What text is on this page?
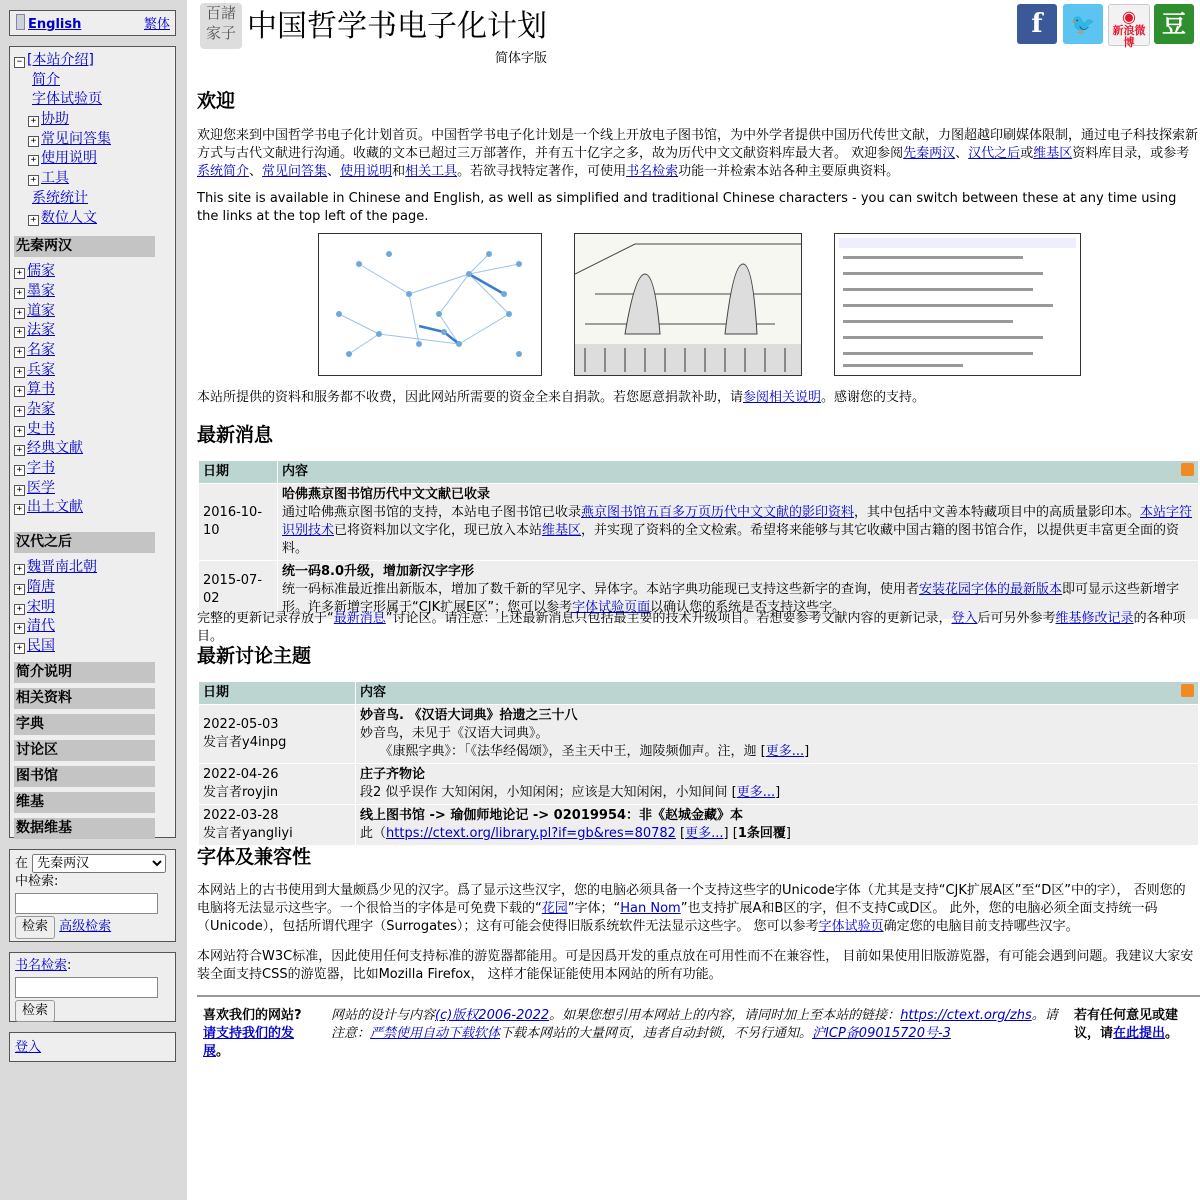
English	繁体
− [本站介绍]
简介
字体试验页
+ 协助
+ 常见问答集
+ 使用说明
+ 工具
系统统计
+ 数位人文
先秦两汉
+ 儒家
+ 墨家
+ 道家
+ 法家
+ 名家
+ 兵家
+ 算书
+ 杂家
+ 史书
+ 经典文献
+ 字书
+ 医学
+ 出土文献
汉代之后
+ 魏晋南北朝
+ 隋唐
+ 宋明
+ 清代
+ 民国
简介说明
相关资料
字典
讨论区
图书馆
维基
数据维基
在
先秦两汉
中检索:

检索 高级检索
书名检索:

检索
登入
百諸
家子 中国哲学书电子化计划
简体字版
f	🐦	◉
新浪微博
豆
欢迎
欢迎您来到中国哲学书电子化计划首页。中国哲学书电子化计划是一个线上开放电子图书馆，为中外学者提供中国历代传世文献，力图超越印刷媒体限制，通过电子科技探索新方式与古代文献进行沟通。收藏的文本已超过三万部著作，并有五十亿字之多，故为历代中文文献资料库最大者。 欢迎参阅先秦两汉、汉代之后或维基区资料库目录，或参考系统简介、常见问答集、使用说明和相关工具。若欲寻找特定著作，可使用书名检索功能一并检索本站各种主要原典资料。
This site is available in Chinese and English, as well as simplified and traditional Chinese characters - you can switch between these at any time using the links at the top left of the page.
本站所提供的资料和服务都不收费，因此网站所需要的资金全来自捐款。若您愿意捐款补助，请参阅相关说明。感谢您的支持。
最新消息
日期	内容

2016-10-10	哈佛燕京图书馆历代中文文献已收录
通过哈佛燕京图书馆的支持，本站电子图书馆已收录燕京图书馆五百多万页历代中文文献的影印资料，其中包括中文善本特藏项目中的高质量影印本。本站字符识别技术已将资料加以文字化，现已放入本站维基区，并实现了资料的全文检索。希望将来能够与其它收藏中国古籍的图书馆合作，以提供更丰富更全面的资料。
2015-07-02	统一码8.0升级，增加新汉字字形
统一码标准最近推出新版本，增加了数千新的罕见字、异体字。本站字典功能现已支持这些新字的查询，使用者安装花园字体的最新版本即可显示这些新增字形。许多新增字形属于“CJK扩展E区”；您可以参考字体试验页面以确认您的系统是否支持这些字。
完整的更新记录存放于“最新消息”讨论区。请注意：上述最新消息只包括最主要的技术升级项目。若想要参考文献内容的更新记录，登入后可另外参考维基修改记录的各种项目。
最新讨论主题
日期	内容

2022-05-03
发言者y4inpg	妙音鸟. 《汉语大词典》拾遗之三十八
妙音鸟，未见于《汉语大词典》。
　　《康熙字典》：「《法华经偈颂》，圣主天中王，迦陵频伽声。注，迦 [更多...]
2022-04-26
发言者royjin	庄子齐物论
段2 似乎误作 大知闲闲，小知闲闲；应该是大知闲闲，小知间间 [更多...]
2022-03-28
发言者yangliyi	线上图书馆 -> 瑜伽师地论记 -> 02019954：非《赵城金藏》本
此（https://ctext.org/library.pl?if=gb&res=80782 [更多...] [1条回覆]
字体及兼容性
本网站上的古书使用到大量颇爲少见的汉字。爲了显示这些汉字，您的电脑必须具备一个支持这些字的Unicode字体（尤其是支持“CJK扩展A区”至“D区”中的字）， 否则您的电脑将无法显示这些字。一个很恰当的字体是可免费下载的“花园”字体；“Han Nom”也支持扩展A和B区的字，但不支持C或D区。 此外，您的电脑必须全面支持统一码（Unicode），包括所谓代理字（Surrogates）；这有可能会使得旧版系统软件无法显示这些字。 您可以参考字体试验页确定您的电脑目前支持哪些汉字。
本网站符合W3C标准，因此使用任何支持标准的游览器都能用。可是因爲开发的重点放在可用性而不在兼容性， 目前如果使用旧版游览器，有可能会遇到问题。我建议大家安装全面支持CSS的游览器，比如Mozilla Firefox， 这样才能保证能使用本网站的所有功能。
喜欢我们的网站? 请支持我们的发展。
网站的设计与内容(c)版权2006-2022。如果您想引用本网站上的内容，请同时加上至本站的链接：https://ctext.org/zhs。请注意：严禁使用自动下载软体下载本网站的大量网页，违者自动封锁，不另行通知。沪ICP备09015720号-3
若有任何意见或建议，请在此提出。
